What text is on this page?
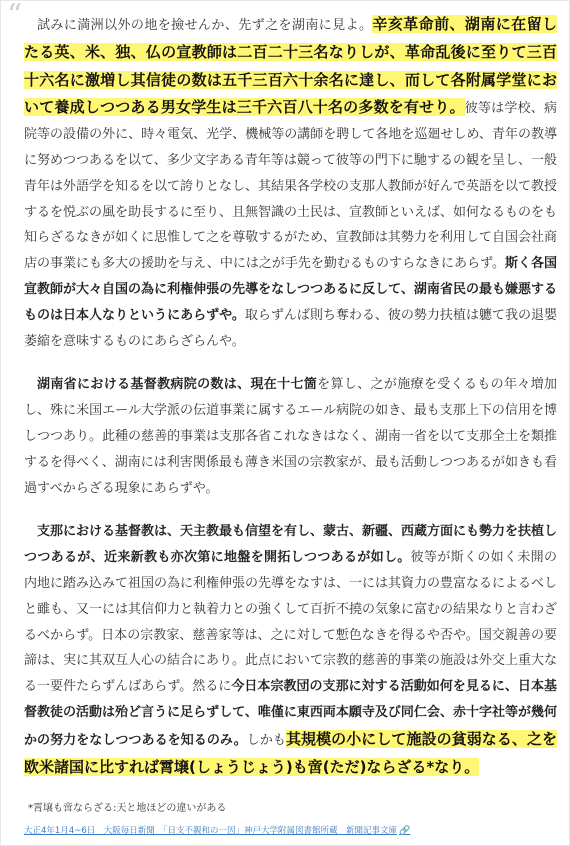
“	試みに満洲以外の地を撿せんか、先ず之を湖南に見よ。辛亥革命前、湖南に在留したる英、米、独、仏の宣教師は二百二十三名なりしが、革命乱後に至りて三百十六名に激増し其信徒の数は五千三百六十余名に達し、而して各附属学堂において養成しつつある男女学生は三千六百八十名の多数を有せり。彼等は学校、病院等の設備の外に、時々電気、光学、機械等の講師を聘して各地を巡廻せしめ、青年の教導に努めつつあるを以て、多少文字ある青年等は競って彼等の門下に馳するの観を呈し、一般青年は外語学を知るを以て誇りとなし、其結果各学校の支那人教師が好んで英語を以て教授するを悦ぶの風を助長するに至り、且無智識の土民は、宣教師といえば、如何なるものをも知らざるなきが如くに思惟して之を尊敬するがため、宣教師は其勢力を利用して自国会社商店の事業にも多大の援助を与え、中には之が手先を勤むるものすらなきにあらず。斯く各国宣教師が大々自国の為に利権伸張の先導をなしつつあるに反して、湖南省民の最も嫌悪するものは日本人なりというにあらずや。取らずんば則ち奪わる、彼の勢力扶植は軈て我の退嬰萎縮を意味するものにあらざらんや。

湖南省における基督教病院の数は、現在十七箇を算し、之が施療を受くるもの年々増加し、殊に米国エール大学派の伝道事業に属するエール病院の如き、最も支那上下の信用を博しつつあり。此種の慈善的事業は支那各省これなきはなく、湖南一省を以て支那全土を類推するを得べく、湖南には利害関係最も薄き米国の宗教家が、最も活動しつつあるが如きも看過すべからざる現象にあらずや。

支那における基督教は、天主教最も信望を有し、蒙古、新疆、西蔵方面にも勢力を扶植しつつあるが、近来新教も亦次第に地盤を開拓しつつあるが如し。彼等が斯くの如く未開の内地に踏み込みて祖国の為に利権伸張の先導をなすは、一には其資力の豊富なるによるべしと雖も、又一には其信仰力と執着力との強くして百折不撓の気象に富むの結果なりと言わざるべからず。日本の宗教家、慈善家等は、之に対して慙色なきを得るや否や。国交親善の要諦は、実に其双互人心の結合にあり。此点において宗教的慈善的事業の施設は外交上重大なる一要件たらずんばあらず。然るに今日本宗教団の支那に対する活動如何を見るに、日本基督教徒の活動は殆ど言うに足らずして、唯僅に東西両本願寺及び同仁会、赤十字社等が幾何かの努力をなしつつあるを知るのみ。しかも其規模の小にして施設の貧弱なる、之を欧米諸国に比すれば霄壌(しょうじょう)も啻(ただ)ならざる*なり。

*霄壌も啻ならざる:天と地ほどの違いがある
大正4年1月4~6日　大阪毎日新聞　「日支不親和の一因」神戸大学附属図書館所蔵　新聞記事文庫 🔗
